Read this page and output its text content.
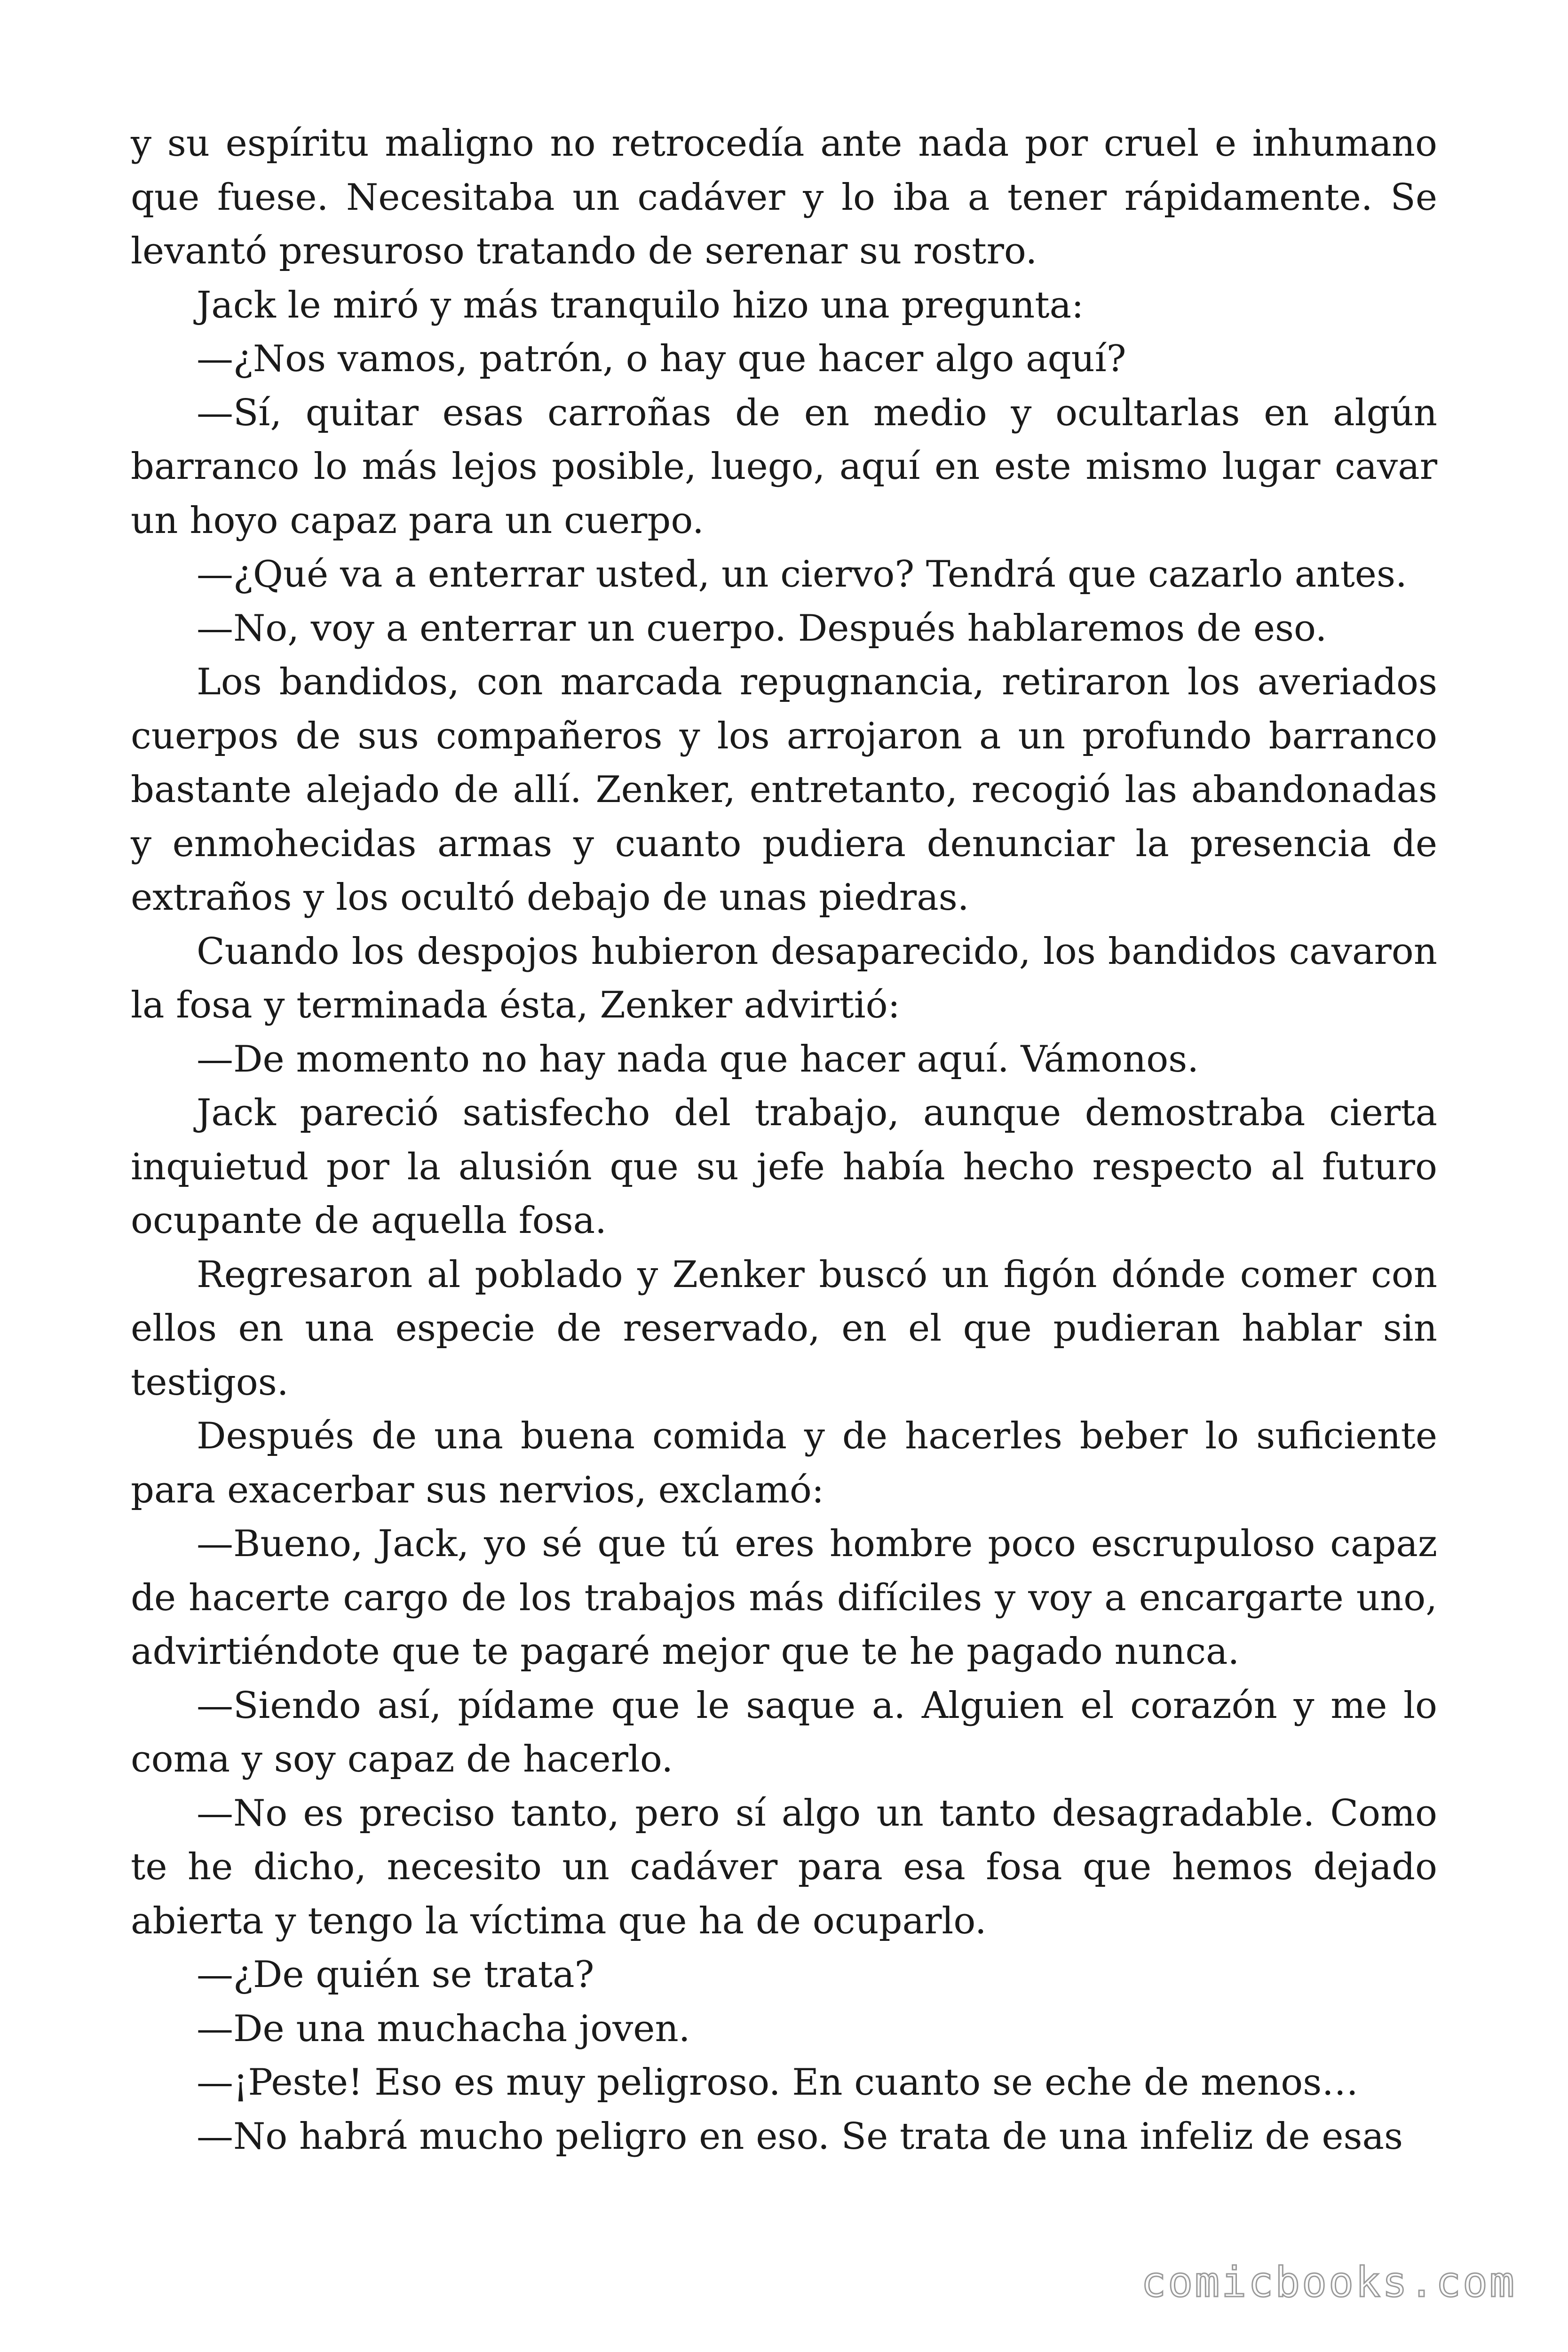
y su espíritu maligno no retrocedía ante nada por cruel e inhumano que fuese. Necesitaba un cadáver y lo iba a tener rápidamente. Se levantó presuroso tratando de serenar su rostro.

Jack le miró y más tranquilo hizo una pregunta:

—¿Nos vamos, patrón, o hay que hacer algo aquí?

—Sí, quitar esas carroñas de en medio y ocultarlas en algún barranco lo más lejos posible, luego, aquí en este mismo lugar cavar un hoyo capaz para un cuerpo.

—¿Qué va a enterrar usted, un ciervo? Tendrá que cazarlo antes.

—No, voy a enterrar un cuerpo. Después hablaremos de eso.

Los bandidos, con marcada repugnancia, retiraron los averiados cuerpos de sus compañeros y los arrojaron a un profundo barranco bastante alejado de allí. Zenker, entretanto, recogió las abandonadas y enmohecidas armas y cuanto pudiera denunciar la presencia de extraños y los ocultó debajo de unas piedras.

Cuando los despojos hubieron desaparecido, los bandidos cavaron la fosa y terminada ésta, Zenker advirtió:

—De momento no hay nada que hacer aquí. Vámonos.

Jack pareció satisfecho del trabajo, aunque demostraba cierta inquietud por la alusión que su jefe había hecho respecto al futuro ocupante de aquella fosa.

Regresaron al poblado y Zenker buscó un figón dónde comer con ellos en una especie de reservado, en el que pudieran hablar sin testigos.

Después de una buena comida y de hacerles beber lo suficiente para exacerbar sus nervios, exclamó:

—Bueno, Jack, yo sé que tú eres hombre poco escrupuloso capaz de hacerte cargo de los trabajos más difíciles y voy a encargarte uno, advirtiéndote que te pagaré mejor que te he pagado nunca.

—Siendo así, pídame que le saque a. Alguien el corazón y me lo coma y soy capaz de hacerlo.

—No es preciso tanto, pero sí algo un tanto desagradable. Como te he dicho, necesito un cadáver para esa fosa que hemos dejado abierta y tengo la víctima que ha de ocuparlo.

—¿De quién se trata?

—De una muchacha joven.

—¡Peste! Eso es muy peligroso. En cuanto se eche de menos…

—No habrá mucho peligro en eso. Se trata de una infeliz de esas

comicbooks.com
